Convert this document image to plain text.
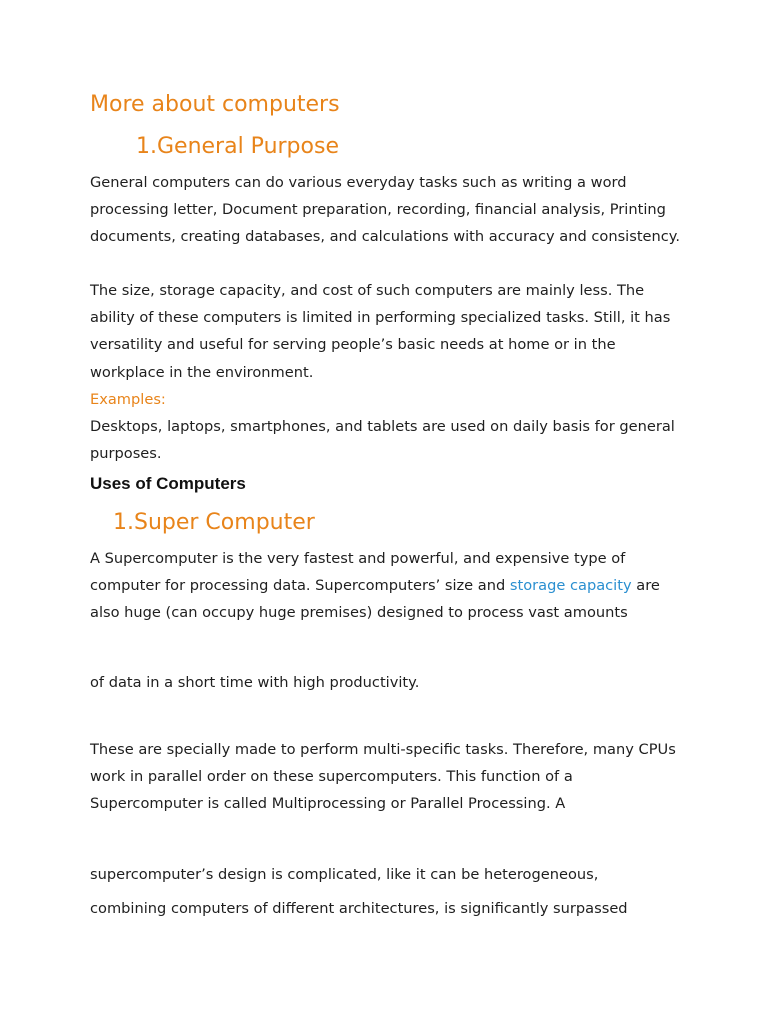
More about computers
1.General Purpose

General computers can do various everyday tasks such as writing a word processing letter, Document preparation, recording, financial analysis, Printing documents, creating databases, and calculations with accuracy and consistency.

The size, storage capacity, and cost of such computers are mainly less. The ability of these computers is limited in performing specialized tasks. Still, it has versatility and useful for serving people’s basic needs at home or in the workplace in the environment.

Examples:

Desktops, laptops, smartphones, and tablets are used on daily basis for general purposes.

Uses of Computers
1.Super Computer

A Supercomputer is the very fastest and powerful, and expensive type of computer for processing data. Supercomputers’ size and storage capacity are also huge (can occupy huge premises) designed to process vast amounts

of data in a short time with high productivity.

These are specially made to perform multi-specific tasks. Therefore, many CPUs work in parallel order on these supercomputers. This function of a Supercomputer is called Multiprocessing or Parallel Processing. A

supercomputer’s design is complicated, like it can be heterogeneous,

combining computers of different architectures, is significantly surpassed
